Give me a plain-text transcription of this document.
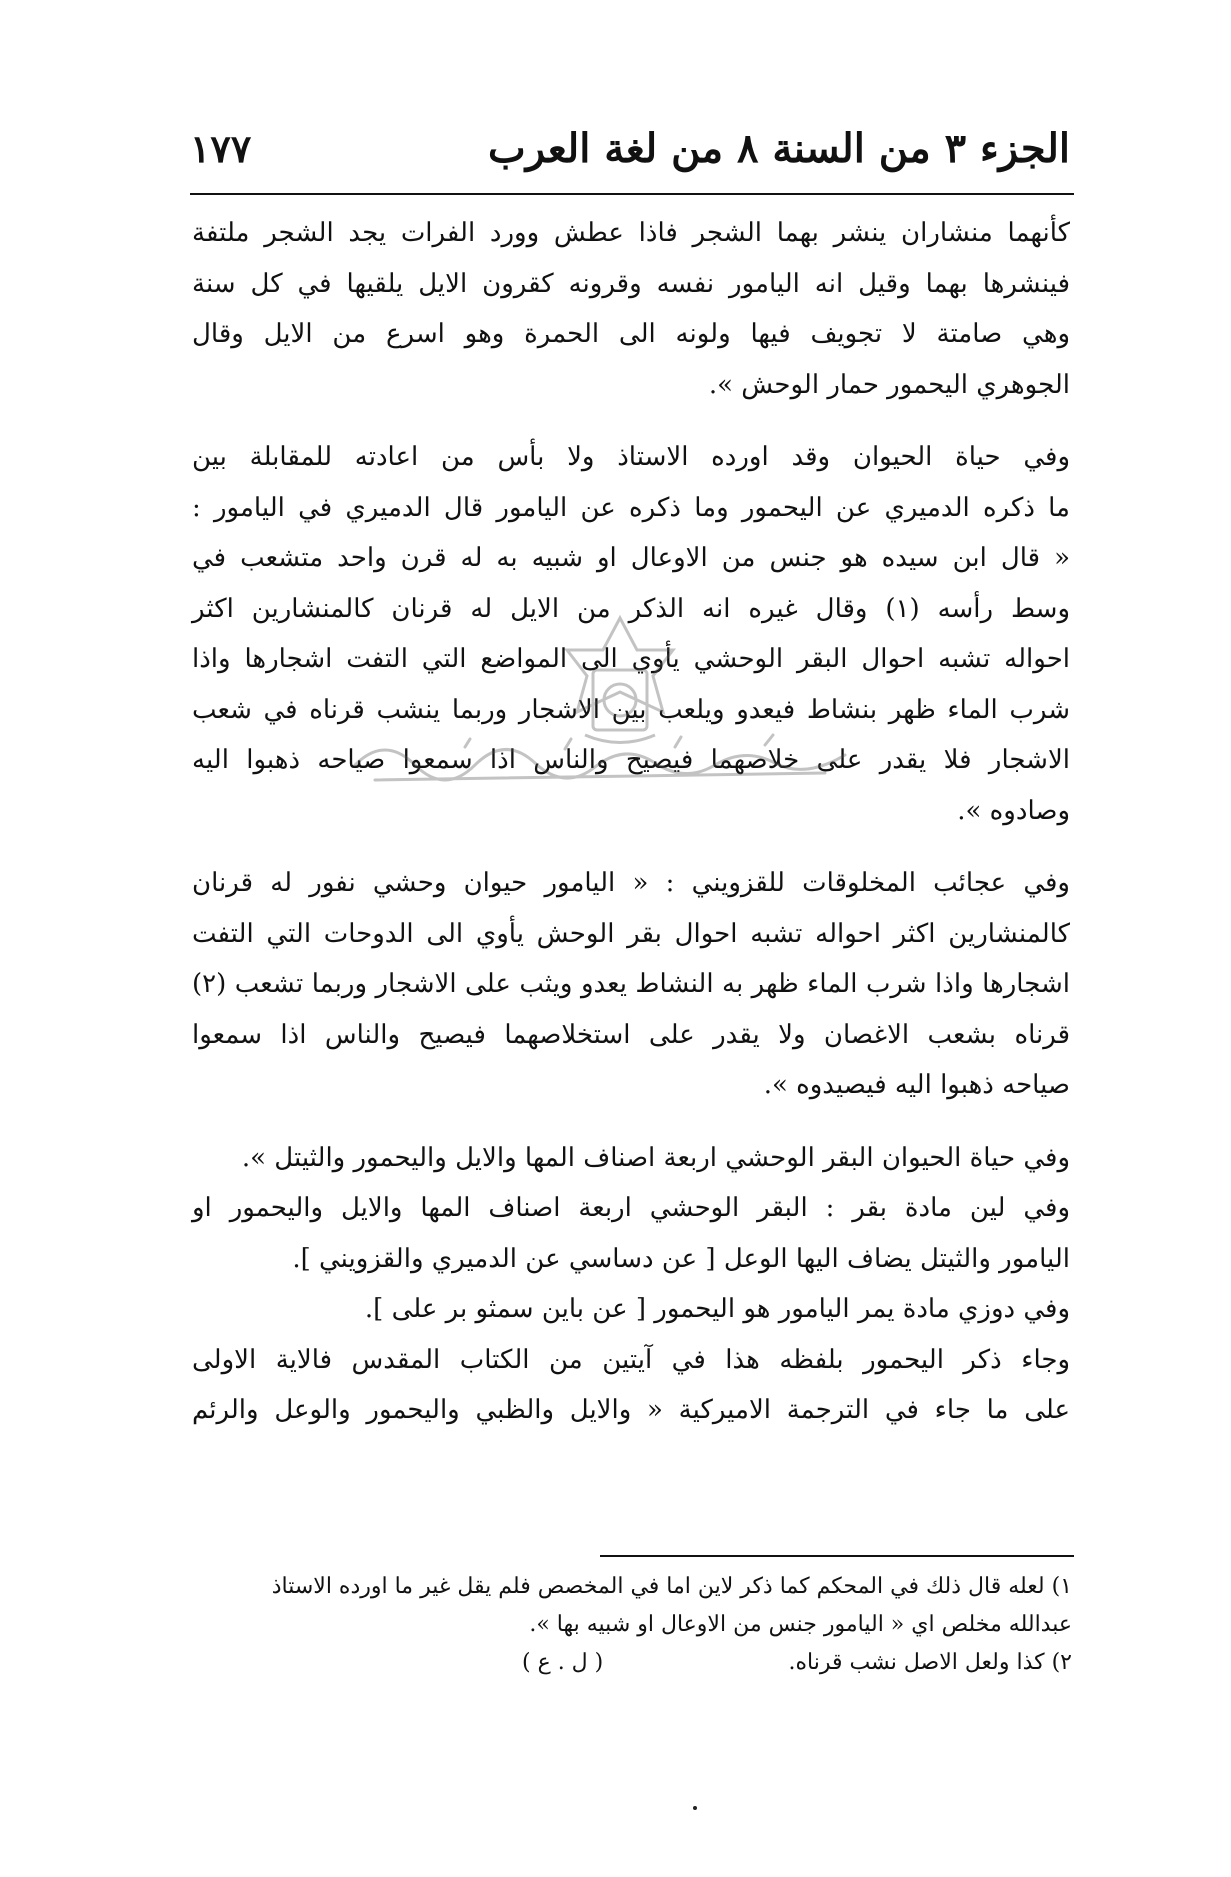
الجزء ٣ من السنة ٨ من لغة العرب
١٧٧

كأنهما منشاران ينشر بهما الشجر فاذا عطش وورد الفرات يجد الشجر ملتفة
فينشرها بهما وقيل انه اليامور نفسه وقرونه كقرون الايل يلقيها في كل سنة
وهي صامتة لا تجويف فيها ولونه الى الحمرة وهو اسرع من الايل وقال
الجوهري اليحمور حمار الوحش ».

وفي حياة الحيوان وقد اورده الاستاذ ولا بأس من اعادته للمقابلة بين
ما ذكره الدميري عن اليحمور وما ذكره عن اليامور قال الدميري في اليامور :
« قال ابن سيده هو جنس من الاوعال او شبيه به له قرن واحد متشعب في
وسط رأسه (١) وقال غيره انه الذكر من الايل له قرنان كالمنشارين اكثر
احواله تشبه احوال البقر الوحشي يأوي الى المواضع التي التفت اشجارها واذا
شرب الماء ظهر بنشاط فيعدو ويلعب بين الاشجار وربما ينشب قرناه في شعب
الاشجار فلا يقدر على خلاصهما فيصيح والناس اذا سمعوا صياحه ذهبوا اليه
وصادوه ».

وفي عجائب المخلوقات للقزويني : « اليامور حيوان وحشي نفور له قرنان
كالمنشارين اكثر احواله تشبه احوال بقر الوحش يأوي الى الدوحات التي التفت
اشجارها واذا شرب الماء ظهر به النشاط يعدو ويثب على الاشجار وربما تشعب (٢)
قرناه بشعب الاغصان ولا يقدر على استخلاصهما فيصيح والناس اذا سمعوا
صياحه ذهبوا اليه فيصيدوه ».

وفي حياة الحيوان البقر الوحشي اربعة اصناف المها والايل واليحمور والثيتل ».

وفي لين مادة بقر : البقر الوحشي اربعة اصناف المها والايل واليحمور او
اليامور والثيتل يضاف اليها الوعل [ عن دساسي عن الدميري والقزويني ].

وفي دوزي مادة يمر اليامور هو اليحمور [ عن باين سمثو بر على ].

وجاء ذكر اليحمور بلفظه هذا في آيتين من الكتاب المقدس فالاية الاولى
على ما جاء في الترجمة الاميركية « والايل والظبي واليحمور والوعل والرئم

١) لعله قال ذلك في المحكم كما ذكر لاين اما في المخصص فلم يقل غير ما اورده الاستاذ
عبدالله مخلص اي « اليامور جنس من الاوعال او شبيه بها ».
٢) كذا ولعل الاصل نشب قرناه.
( ل . ع )
